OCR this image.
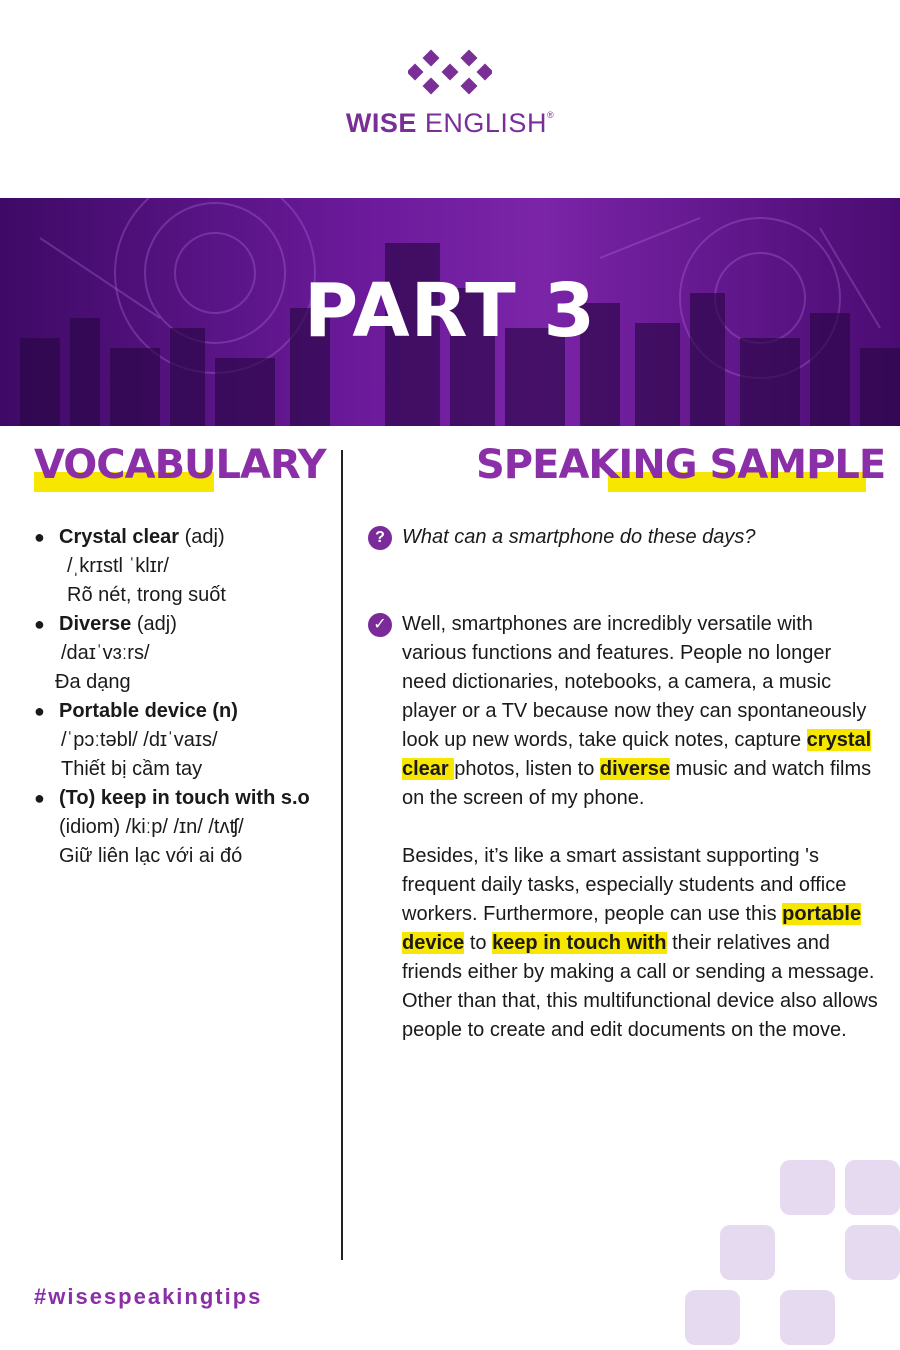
WISE ENGLISH®
PART 3
VOCABULARY	SPEAKING SAMPLE
● Crystal clear (adj)
/ˌkrɪstl ˈklɪr/
Rõ nét, trong suốt
● Diverse (adj)
/daɪˈvɜːrs/
Đa dạng
● Portable device (n)
/ˈpɔːtəbl/ /dɪˈvaɪs/
Thiết bị cầm tay
● (To) keep in touch with s.o
(idiom) /kiːp/ /ɪn/ /tʌʧ/
Giữ liên lạc với ai đó
? What can a smartphone do these days?
✓ Well, smartphones are incredibly versatile with various functions and features. People no longer need dictionaries, notebooks, a camera, a music player or a TV because now they can spontaneously look up new words, take quick notes, capture crystal clear photos, listen to diverse music and watch films on the screen of my phone.
Besides, it’s like a smart assistant supporting 's frequent daily tasks, especially students and office workers. Furthermore, people can use this portable device to keep in touch with their relatives and friends either by making a call or sending a message. Other than that, this multifunctional device also allows people to create and edit documents on the move.
#wisespeakingtips
